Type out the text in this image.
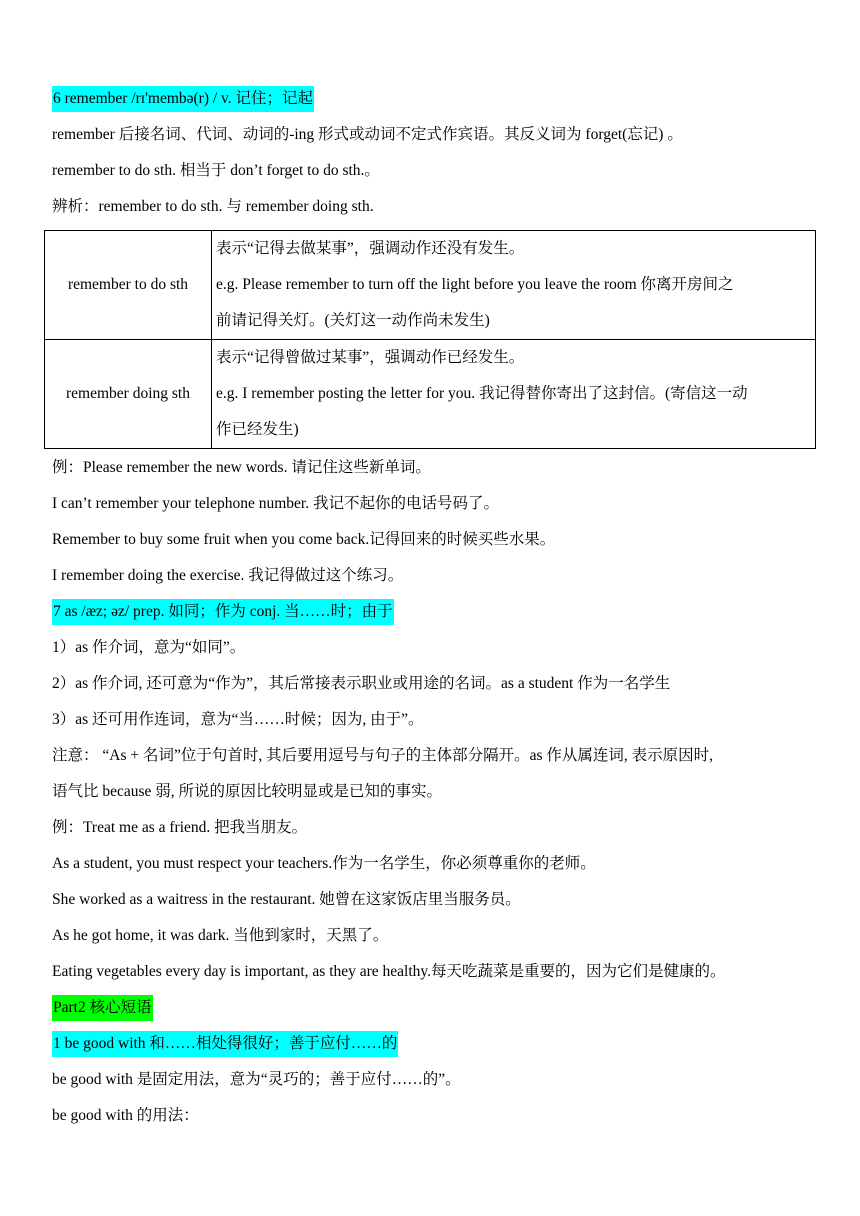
6 remember /rɪ'membə(r) / v. 记住；记起
remember 后接名词、代词、动词的-ing 形式或动词不定式作宾语。其反义词为 forget(忘记) 。
remember to do sth. 相当于 don’t forget to do sth.。
辨析：remember to do sth. 与 remember doing sth.
remember to do sth	表示“记得去做某事”，强调动作还没有发生。
e.g. Please remember to turn off the light before you leave the room 你离开房间之
前请记得关灯。(关灯这一动作尚未发生)

remember doing sth	表示“记得曾做过某事”，强调动作已经发生。
e.g. I remember posting the letter for you. 我记得替你寄出了这封信。(寄信这一动
作已经发生)
例：Please remember the new words. 请记住这些新单词。
I can’t remember your telephone number. 我记不起你的电话号码了。
Remember to buy some fruit when you come back.记得回来的时候买些水果。
I remember doing the exercise. 我记得做过这个练习。
7 as /æz; əz/ prep. 如同；作为 conj. 当……时；由于
1）as 作介词，意为“如同”。
2）as 作介词, 还可意为“作为”，其后常接表示职业或用途的名词。as a student 作为一名学生
3）as 还可用作连词，意为“当……时候；因为, 由于”。
注意： “As + 名词”位于句首时, 其后要用逗号与句子的主体部分隔开。as 作从属连词, 表示原因时,
语气比 because 弱, 所说的原因比较明显或是已知的事实。
例：Treat me as a friend. 把我当朋友。
As a student, you must respect your teachers.作为一名学生，你必须尊重你的老师。
She worked as a waitress in the restaurant. 她曾在这家饭店里当服务员。
As he got home, it was dark. 当他到家时，天黑了。
Eating vegetables every day is important, as they are healthy.每天吃蔬菜是重要的，因为它们是健康的。
Part2 核心短语
1 be good with 和……相处得很好；善于应付……的
be good with 是固定用法，意为“灵巧的；善于应付……的”。
be good with 的用法：
